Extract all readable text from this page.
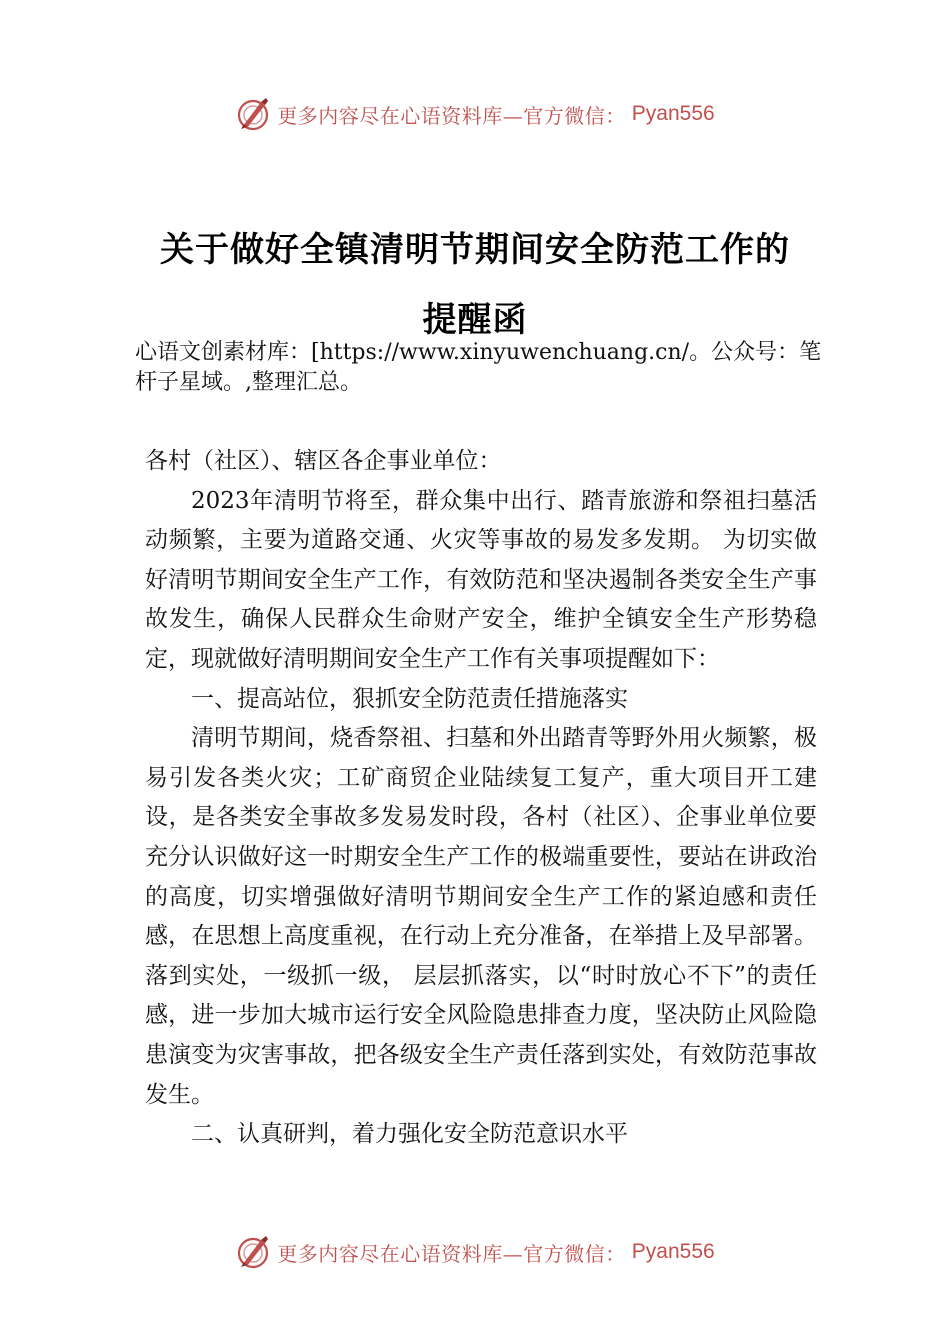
更多内容尽在心语资料库—官方微信： Pyan556
关于做好全镇清明节期间安全防范工作的
提醒函

心语文创素材库：[https://www.xinyuwenchuang.cn/。公众号：笔杆子星域。,整理汇总。

各村（社区）、辖区各企事业单位：

2023年清明节将至，群众集中出行、踏青旅游和祭祖扫墓活动频繁，主要为道路交通、火灾等事故的易发多发期。 为切实做好清明节期间安全生产工作，有效防范和坚决遏制各类安全生产事故发生，确保人民群众生命财产安全，维护全镇安全生产形势稳定，现就做好清明期间安全生产工作有关事项提醒如下：

一、提高站位，狠抓安全防范责任措施落实

清明节期间，烧香祭祖、扫墓和外出踏青等野外用火频繁，极易引发各类火灾；工矿商贸企业陆续复工复产，重大项目开工建设，是各类安全事故多发易发时段，各村（社区）、企事业单位要充分认识做好这一时期安全生产工作的极端重要性，要站在讲政治的高度，切实增强做好清明节期间安全生产工作的紧迫感和责任感，在思想上高度重视，在行动上充分准备，在举措上及早部署。落到实处，一级抓一级， 层层抓落实，以“时时放心不下”的责任感，进一步加大城市运行安全风险隐患排查力度，坚决防止风险隐患演变为灾害事故，把各级安全生产责任落到实处，有效防范事故发生。

二、认真研判，着力强化安全防范意识水平

更多内容尽在心语资料库—官方微信： Pyan556
